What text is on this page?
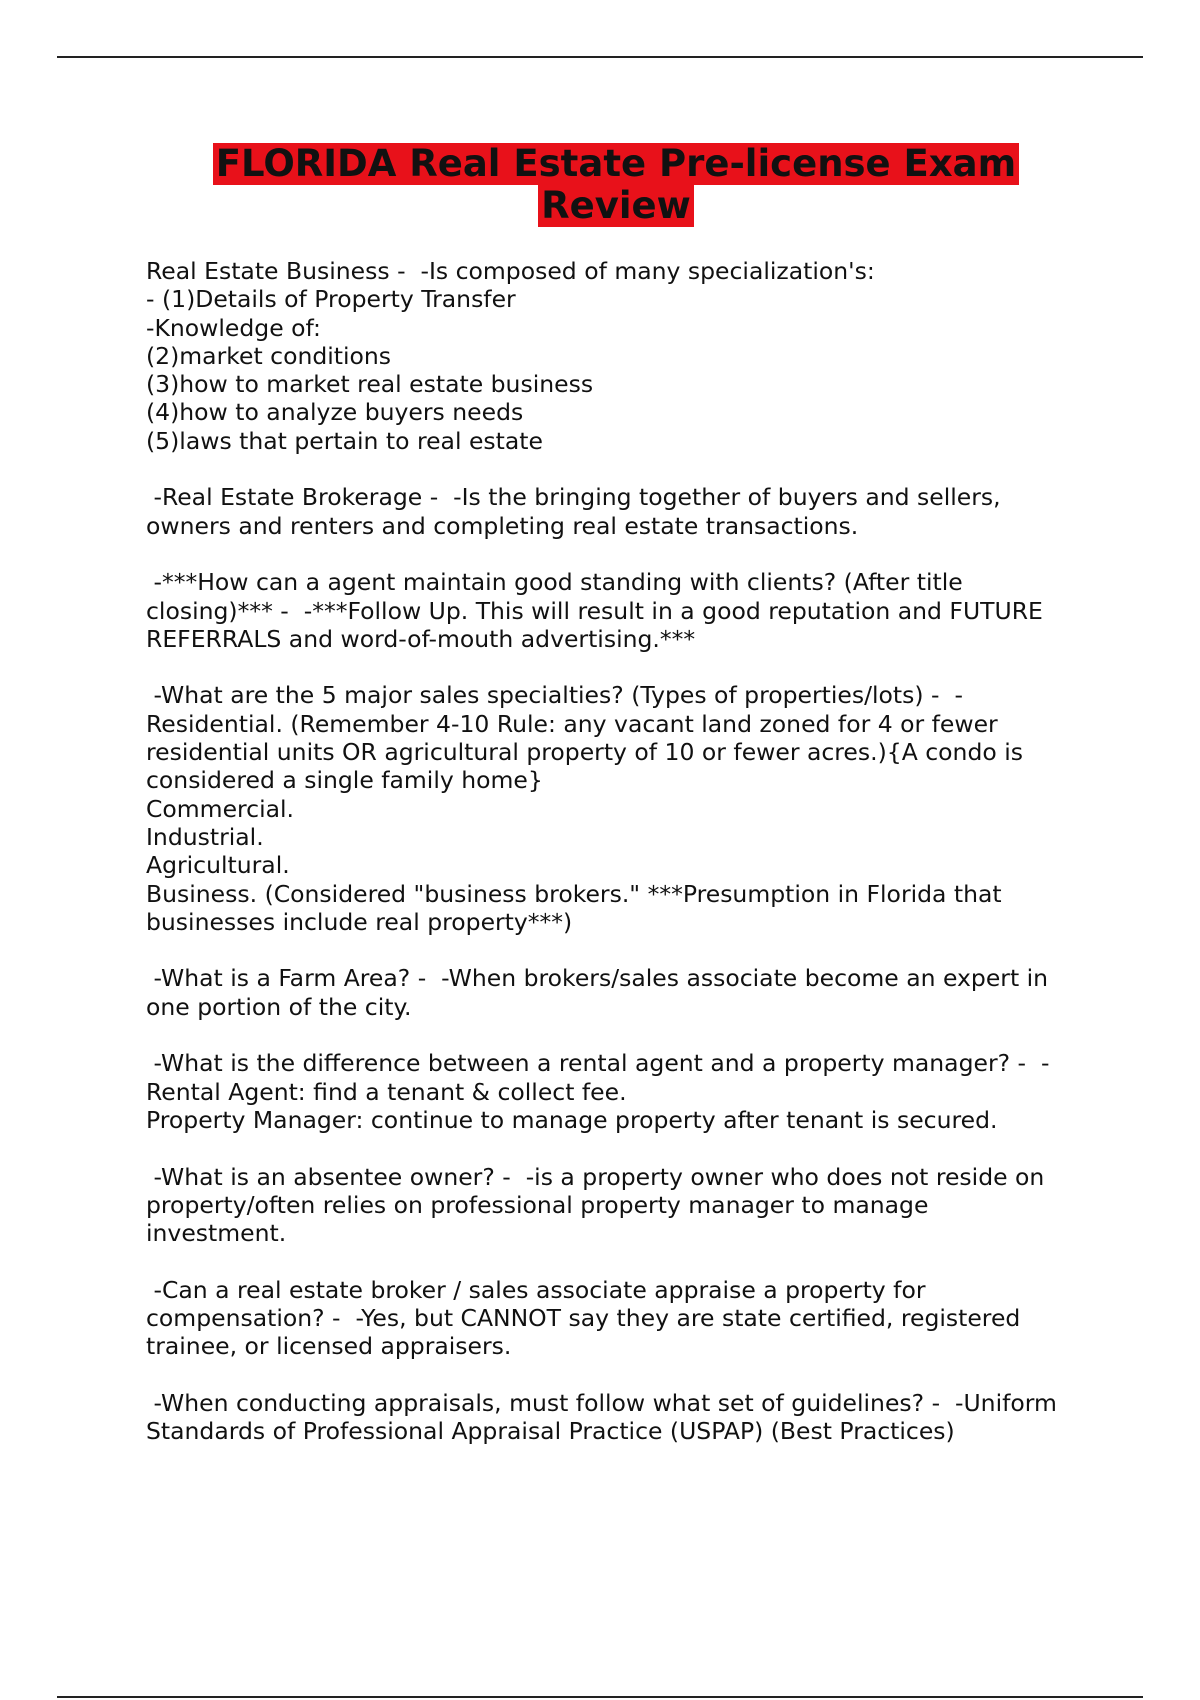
FLORIDA Real Estate Pre-license Exam
Review
Real Estate Business -  -Is composed of many specialization's:
- (1)Details of Property Transfer
-Knowledge of:
(2)market conditions
(3)how to market real estate business
(4)how to analyze buyers needs
(5)laws that pertain to real estate
-Real Estate Brokerage -  -Is the bringing together of buyers and sellers,
owners and renters and completing real estate transactions.
-***How can a agent maintain good standing with clients? (After title
closing)*** -  -***Follow Up. This will result in a good reputation and FUTURE
REFERRALS and word-of-mouth advertising.***
-What are the 5 major sales specialties? (Types of properties/lots) -  -
Residential. (Remember 4-10 Rule: any vacant land zoned for 4 or fewer
residential units OR agricultural property of 10 or fewer acres.){A condo is
considered a single family home}
Commercial.
Industrial.
Agricultural.
Business. (Considered "business brokers." ***Presumption in Florida that
businesses include real property***)
-What is a Farm Area? -  -When brokers/sales associate become an expert in
one portion of the city.
-What is the difference between a rental agent and a property manager? -  -
Rental Agent: find a tenant & collect fee.
Property Manager: continue to manage property after tenant is secured.
-What is an absentee owner? -  -is a property owner who does not reside on
property/often relies on professional property manager to manage
investment.
-Can a real estate broker / sales associate appraise a property for
compensation? -  -Yes, but CANNOT say they are state certified, registered
trainee, or licensed appraisers.
-When conducting appraisals, must follow what set of guidelines? -  -Uniform
Standards of Professional Appraisal Practice (USPAP) (Best Practices)
